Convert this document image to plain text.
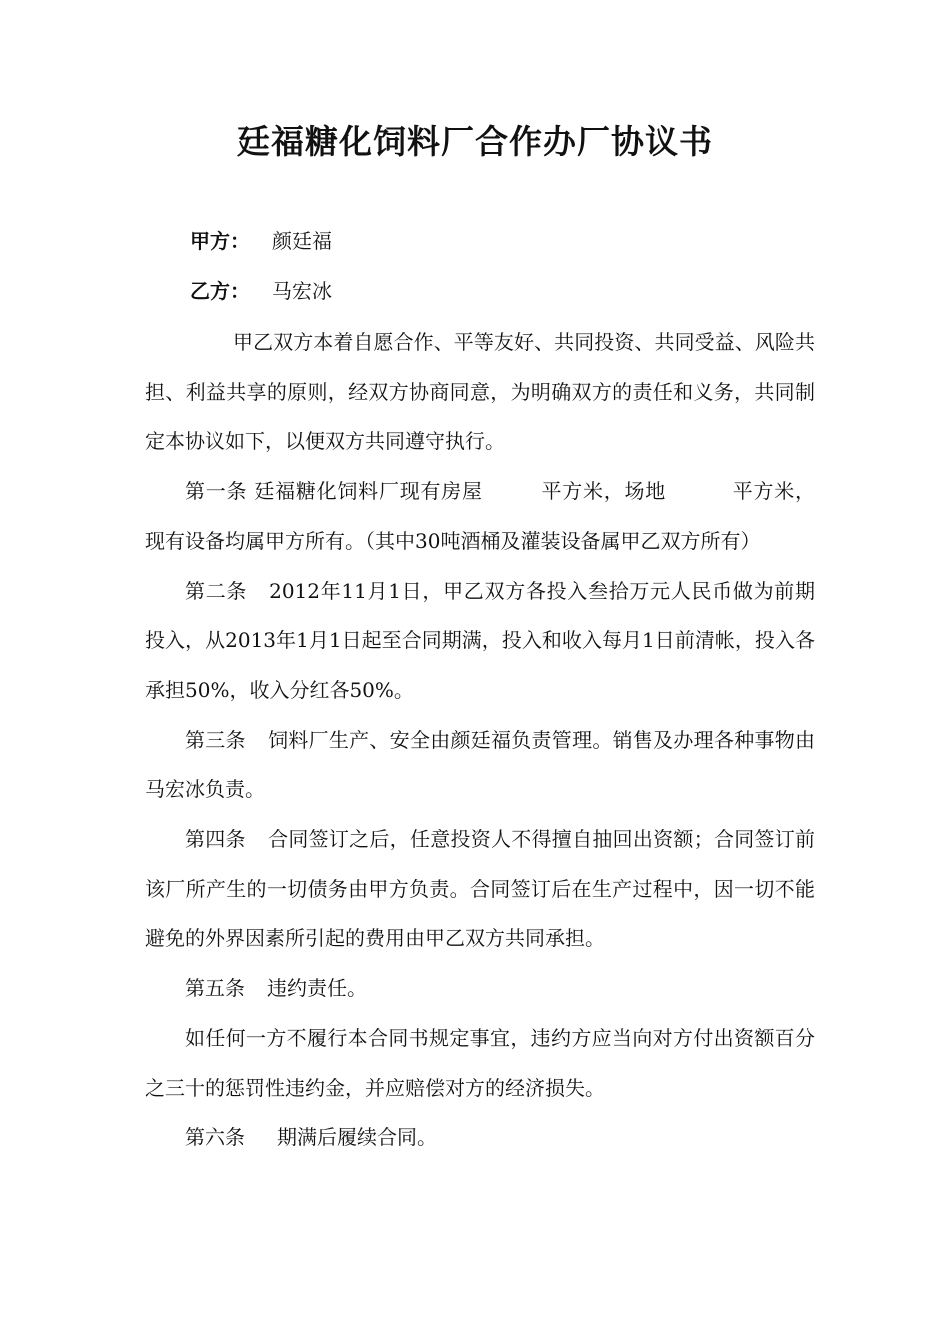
廷福糖化饲料厂合作办厂协议书
甲方： 颜廷福
乙方： 马宏冰

甲乙双方本着自愿合作、平等友好、共同投资、共同受益、风险共担、利益共享的原则，经双方协商同意，为明确双方的责任和义务，共同制定本协议如下，以便双方共同遵守执行。

第一条 廷福糖化饲料厂现有房屋	平方米，场地	平方米，现有设备均属甲方所有。（其中30吨酒桶及灌装设备属甲乙双方所有）

第二条 2012年11月1日，甲乙双方各投入叁拾万元人民币做为前期投入，从2013年1月1日起至合同期满，投入和收入每月1日前清帐，投入各承担50%，收入分红各50%。

第三条 饲料厂生产、安全由颜廷福负责管理。销售及办理各种事物由马宏冰负责。

第四条 合同签订之后，任意投资人不得擅自抽回出资额；合同签订前该厂所产生的一切债务由甲方负责。合同签订后在生产过程中，因一切不能避免的外界因素所引起的费用由甲乙双方共同承担。

第五条 违约责任。

如任何一方不履行本合同书规定事宜，违约方应当向对方付出资额百分之三十的惩罚性违约金，并应赔偿对方的经济损失。

第六条 期满后履续合同。
